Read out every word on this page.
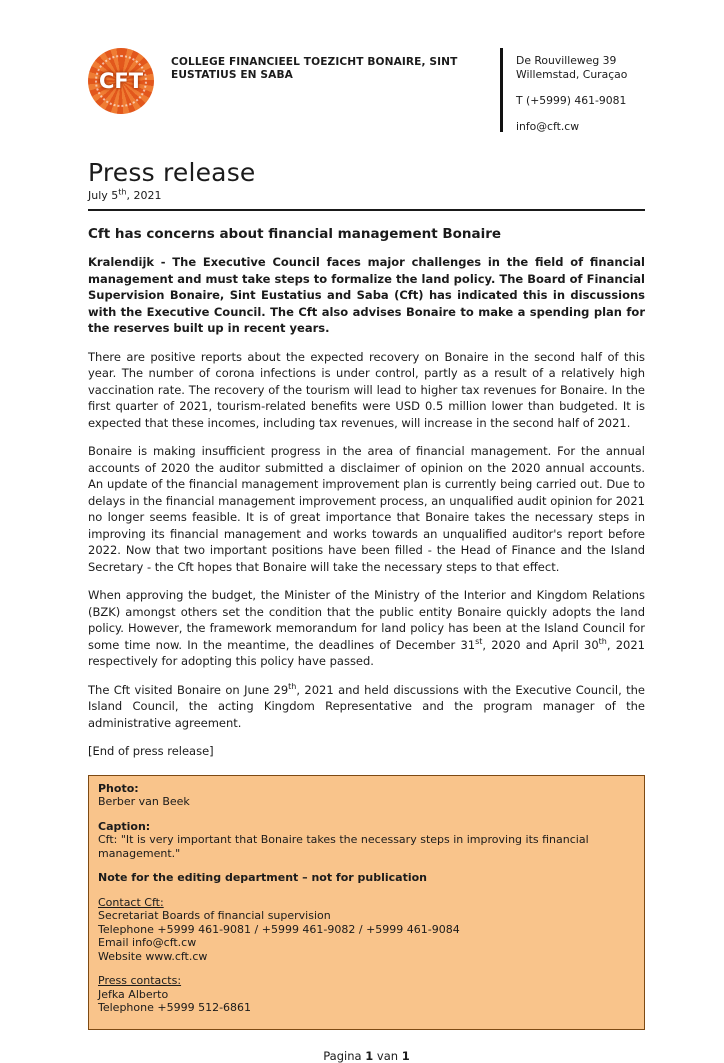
CFT
COLLEGE FINANCIEEL TOEZICHT BONAIRE, SINT EUSTATIUS EN SABA
De Rouvilleweg 39
Willemstad, Curaçao
T (+5999) 461-9081
info@cft.cw
Press release
July 5th, 2021
Cft has concerns about financial management Bonaire

Kralendijk - The Executive Council faces major challenges in the field of financial management and must take steps to formalize the land policy. The Board of Financial Supervision Bonaire, Sint Eustatius and Saba (Cft) has indicated this in discussions with the Executive Council. The Cft also advises Bonaire to make a spending plan for the reserves built up in recent years.

There are positive reports about the expected recovery on Bonaire in the second half of this year. The number of corona infections is under control, partly as a result of a relatively high vaccination rate. The recovery of the tourism will lead to higher tax revenues for Bonaire. In the first quarter of 2021, tourism-related benefits were USD 0.5 million lower than budgeted. It is expected that these incomes, including tax revenues, will increase in the second half of 2021.

Bonaire is making insufficient progress in the area of financial management. For the annual accounts of 2020 the auditor submitted a disclaimer of opinion on the 2020 annual accounts. An update of the financial management improvement plan is currently being carried out. Due to delays in the financial management improvement process, an unqualified audit opinion for 2021 no longer seems feasible. It is of great importance that Bonaire takes the necessary steps in improving its financial management and works towards an unqualified auditor's report before 2022. Now that two important positions have been filled - the Head of Finance and the Island Secretary - the Cft hopes that Bonaire will take the necessary steps to that effect.

When approving the budget, the Minister of the Ministry of the Interior and Kingdom Relations (BZK) amongst others set the condition that the public entity Bonaire quickly adopts the land policy. However, the framework memorandum for land policy has been at the Island Council for some time now. In the meantime, the deadlines of December 31st, 2020 and April 30th, 2021 respectively for adopting this policy have passed.

The Cft visited Bonaire on June 29th, 2021 and held discussions with the Executive Council, the Island Council, the acting Kingdom Representative and the program manager of the administrative agreement.

[End of press release]

Photo:
Berber van Beek
Caption:
Cft: "It is very important that Bonaire takes the necessary steps in improving its financial management."
Note for the editing department – not for publication
Contact Cft:
Secretariat Boards of financial supervision
Telephone +5999 461-9081 / +5999 461-9082 / +5999 461-9084
Email info@cft.cw
Website www.cft.cw
Press contacts:
Jefka Alberto
Telephone +5999 512-6861
Pagina 1 van 1
